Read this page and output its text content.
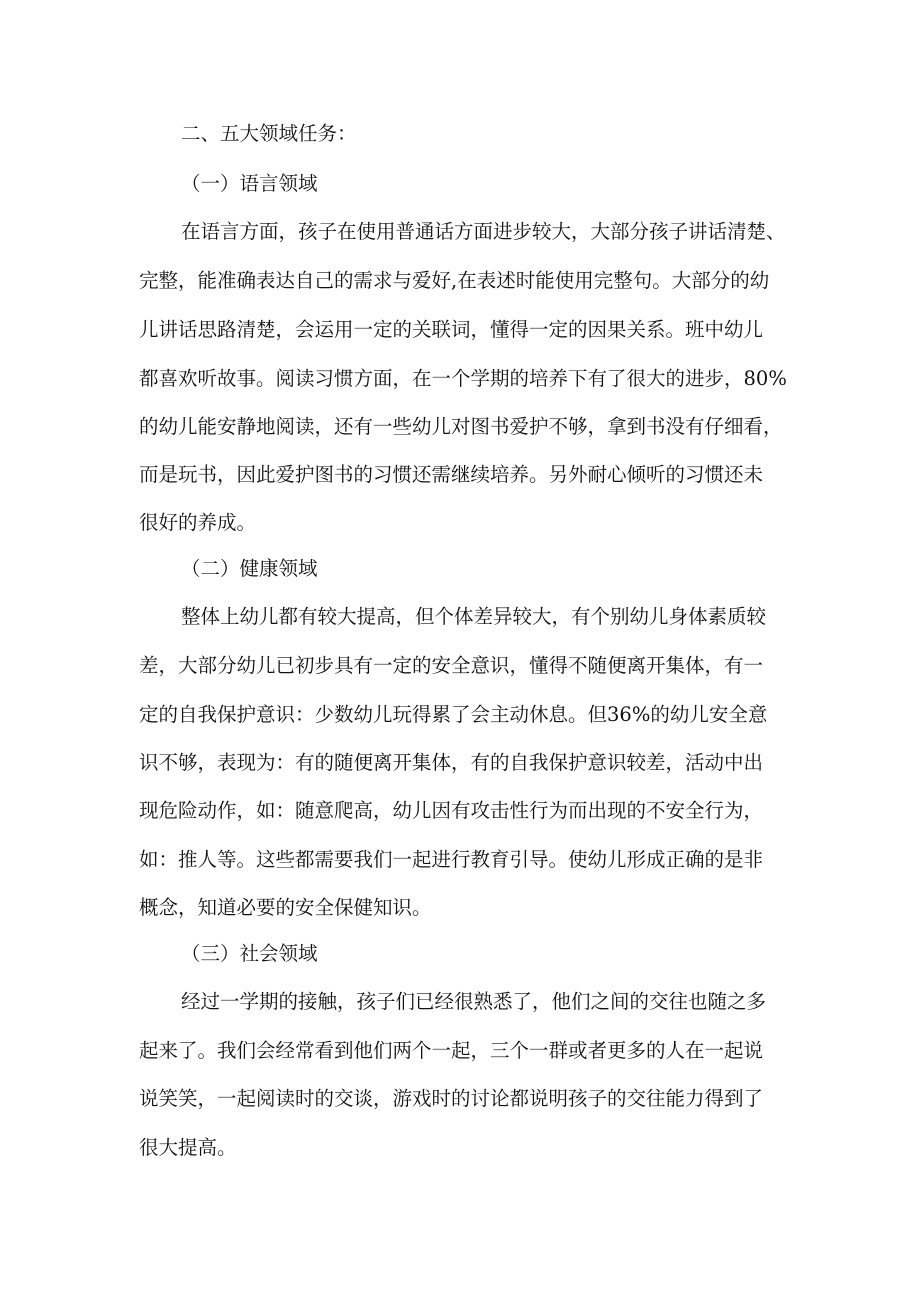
二、五大领域任务：
（一）语言领域
在语言方面，孩子在使用普通话方面进步较大，大部分孩子讲话清楚、
完整，能准确表达自己的需求与爱好,在表述时能使用完整句。大部分的幼
儿讲话思路清楚，会运用一定的关联词，懂得一定的因果关系。班中幼儿
都喜欢听故事。阅读习惯方面，在一个学期的培养下有了很大的进步，80%
的幼儿能安静地阅读，还有一些幼儿对图书爱护不够，拿到书没有仔细看，
而是玩书，因此爱护图书的习惯还需继续培养。另外耐心倾听的习惯还未
很好的养成。
（二）健康领域
整体上幼儿都有较大提高，但个体差异较大，有个别幼儿身体素质较
差，大部分幼儿已初步具有一定的安全意识，懂得不随便离开集体，有一
定的自我保护意识：少数幼儿玩得累了会主动休息。但36%的幼儿安全意
识不够，表现为：有的随便离开集体，有的自我保护意识较差，活动中出
现危险动作，如：随意爬高，幼儿因有攻击性行为而出现的不安全行为，
如：推人等。这些都需要我们一起进行教育引导。使幼儿形成正确的是非
概念，知道必要的安全保健知识。
（三）社会领域
经过一学期的接触，孩子们已经很熟悉了，他们之间的交往也随之多
起来了。我们会经常看到他们两个一起，三个一群或者更多的人在一起说
说笑笑，一起阅读时的交谈，游戏时的讨论都说明孩子的交往能力得到了
很大提高。
